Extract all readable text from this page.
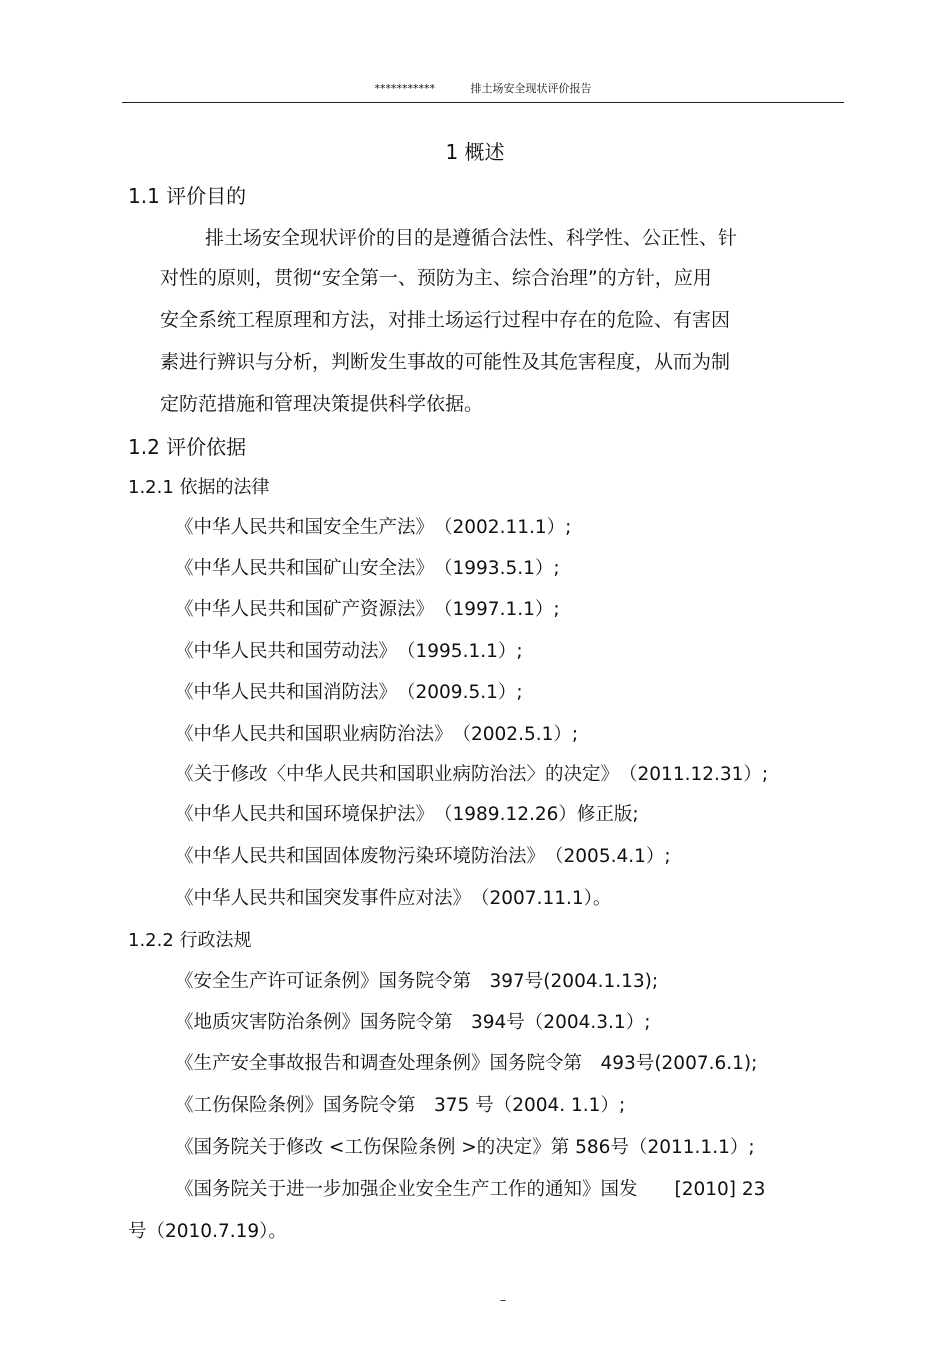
***********	排土场安全现状评价报告
1 概述
1.1 评价目的
排土场安全现状评价的目的是遵循合法性、科学性、公正性、针
对性的原则，贯彻“安全第一、预防为主、综合治理”的方针，应用
安全系统工程原理和方法，对排土场运行过程中存在的危险、有害因
素进行辨识与分析，判断发生事故的可能性及其危害程度，从而为制
定防范措施和管理决策提供科学依据。
1.2 评价依据
1.2.1 依据的法律
《中华人民共和国安全生产法》　（2002.11.1）;
《中华人民共和国矿山安全法》　（1993.5.1）;
《中华人民共和国矿产资源法》　（1997.1.1）;
《中华人民共和国劳动法》　（1995.1.1）;
《中华人民共和国消防法》　（2009.5.1）;
《中华人民共和国职业病防治法》　（2002.5.1）;
《关于修改〈中华人民共和国职业病防治法〉的决定》　（2011.12.31）;
《中华人民共和国环境保护法》　（1989.12.26）修正版;
《中华人民共和国固体废物污染环境防治法》　（2005.4.1）;
《中华人民共和国突发事件应对法》　（2007.11.1）。
1.2.2 行政法规
《安全生产许可证条例》国务院令第　397号(2004.1.13);
《地质灾害防治条例》国务院令第　394号（2004.3.1）;
《生产安全事故报告和调查处理条例》国务院令第　493号(2007.6.1);
《工伤保险条例》国务院令第　375 号（2004. 1.1）;
《国务院关于修改 <工伤保险条例 >的决定》第 586号（2011.1.1）;
《国务院关于进一步加强企业安全生产工作的通知》国发　　[2010] 23
号（2010.7.19）。
–
